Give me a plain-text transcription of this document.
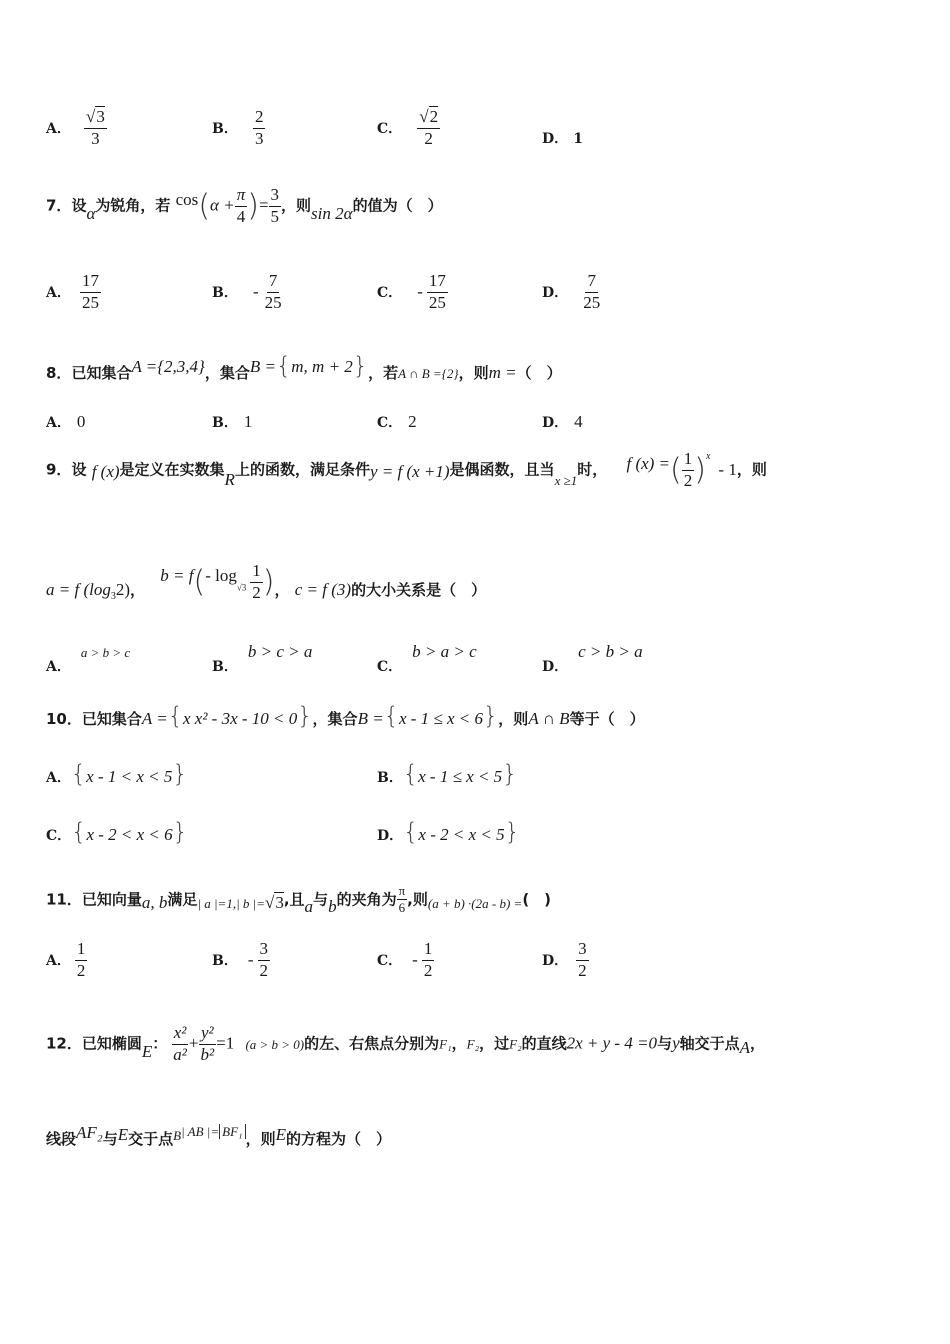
A． $\frac{√3}{3}$	B． $\frac{2}{3}$	C． $\frac{√2}{2}$	D． 1
7．设α为锐角，若 $\cos(\alpha + \frac{\pi}{4}$ )= $\frac{3}{5}$ ，则sin 2α的值为（　）
A． $\frac{17}{25}$	B． - $\frac{7}{25}$	C． - $\frac{17}{25}$	D． $\frac{7}{25}$
8．已知集合A ={2,3,4}，集合B ={m, m + 2}，若A ∩ B ={2}，则m =（　）
A． 0	B． 1	C． 2	D． 4
9．设 f (x)是定义在实数集R上的函数，满足条件y = f (x +1)是偶函数，且当x ≥1时， f (x) =( $\frac{1}{2} )^x-$ 1，则
a = f $(\log_32)$， b = f(- $\log_{√3} \frac{1}{2}$ )， c = f (3)的大小关系是（　）
A．a > b > c
B．b > c > a
C．b > a > c
D．c > b > a
10．已知集合A ={x x² - 3x - 10 < 0}，集合B ={x - 1 ≤ x < 6}，则A ∩ B等于（　）
A．{x - 1 < x < 5}	B．{x - 1 ≤ x < 5}
C．{x - 2 < x < 6}	D．{x - 2 < x < 5}
11．已知向量a, b满足| a |=1,| b |=√3,且a与b的夹角为 $\frac{\pi}{6}$ ,则(a + b) ·(2a - b) =(　)
A． $\frac{1}{2}$	B． - $\frac{3}{2}$	C． - $\frac{1}{2}$	D． $\frac{3}{2}$
12．已知椭圆E： $\frac{\text{x²}}{\text{a²}} + \frac{\text{y²}}{\text{b²}} =1$ (a > b > 0)的左、右焦点分别为F₁，F₂，过F₂的直线2x + y - 4 =0与y轴交于点A，
线段AF₂与E交于点B| AB |= BF₁ ，则E的方程为（　）
